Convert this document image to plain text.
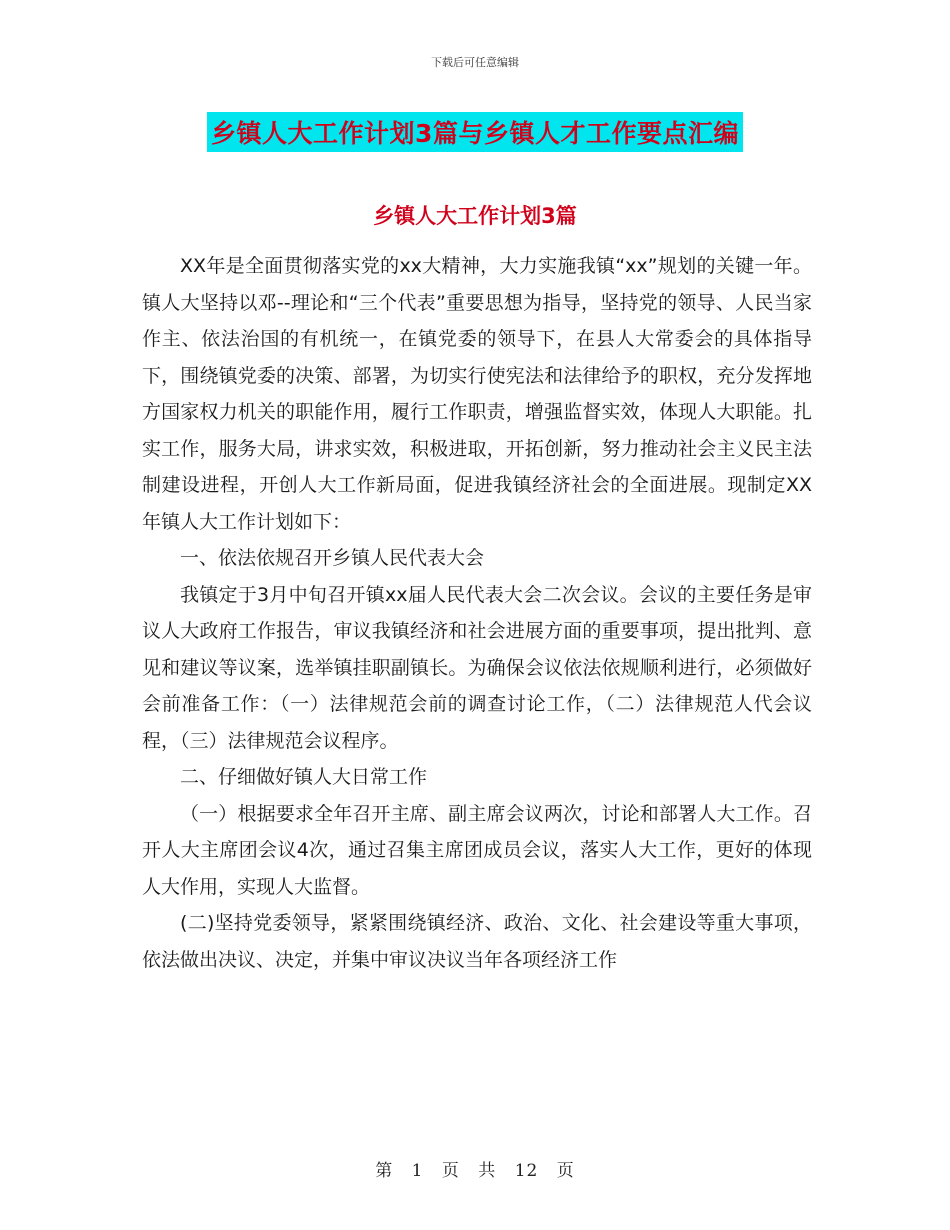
下载后可任意编辑
乡镇人大工作计划3篇与乡镇人才工作要点汇编
乡镇人大工作计划3篇

XX年是全面贯彻落实党的xx大精神，大力实施我镇“xx”规划的关键一年。镇人大坚持以邓--理论和“三个代表”重要思想为指导，坚持党的领导、人民当家作主、依法治国的有机统一，在镇党委的领导下，在县人大常委会的具体指导下，围绕镇党委的决策、部署，为切实行使宪法和法律给予的职权，充分发挥地方国家权力机关的职能作用，履行工作职责，增强监督实效，体现人大职能。扎实工作，服务大局，讲求实效，积极进取，开拓创新，努力推动社会主义民主法制建设进程，开创人大工作新局面，促进我镇经济社会的全面进展。现制定XX年镇人大工作计划如下：

一、依法依规召开乡镇人民代表大会

我镇定于3月中旬召开镇xx届人民代表大会二次会议。会议的主要任务是审议人大政府工作报告，审议我镇经济和社会进展方面的重要事项，提出批判、意见和建议等议案，选举镇挂职副镇长。为确保会议依法依规顺利进行，必须做好会前准备工作：（一）法律规范会前的调查讨论工作，（二）法律规范人代会议程，（三）法律规范会议程序。

二、仔细做好镇人大日常工作

（一）根据要求全年召开主席、副主席会议两次，讨论和部署人大工作。召开人大主席团会议4次，通过召集主席团成员会议，落实人大工作，更好的体现人大作用，实现人大监督。

(二)坚持党委领导，紧紧围绕镇经济、政治、文化、社会建设等重大事项，依法做出决议、决定，并集中审议决议当年各项经济工作

第 1 页 共 12 页
